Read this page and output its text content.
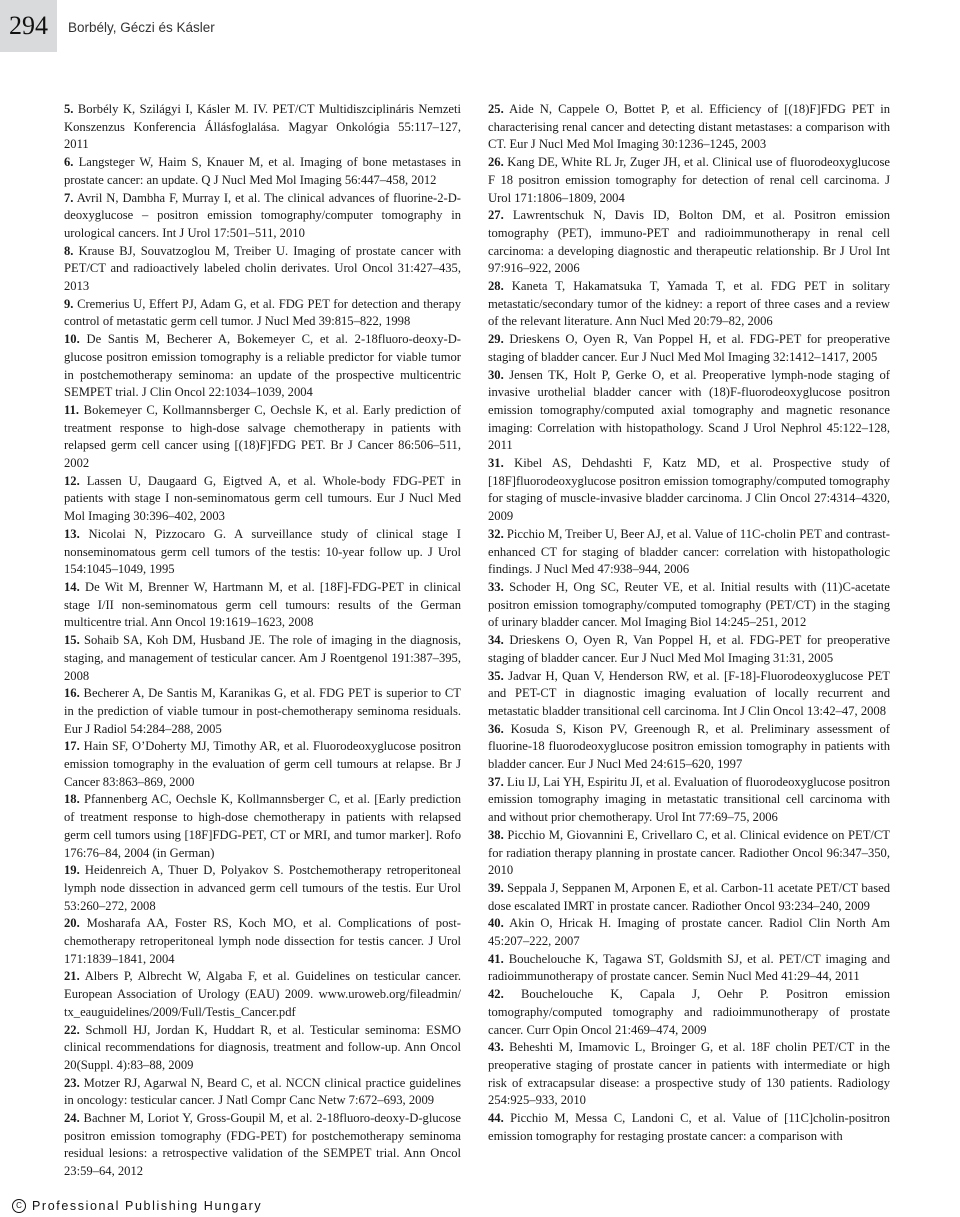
294 Borbély, Géczi és Kásler

5. Borbély K, Szilágyi I, Kásler M. IV. PET/CT Multidiszciplináris Nemzeti Konszenzus Konferencia Állásfoglalása. Magyar Onkológia 55:117–127, 2011

6. Langsteger W, Haim S, Knauer M, et al. Imaging of bone metastases in prostate cancer: an update. Q J Nucl Med Mol Imaging 56:447–458, 2012

7. Avril N, Dambha F, Murray I, et al. The clinical advances of fluorine-2-D-deoxyglucose – positron emission tomography/computer tomography in urological cancers. Int J Urol 17:501–511, 2010

8. Krause BJ, Souvatzoglou M, Treiber U. Imaging of prostate cancer with PET/CT and radioactively labeled cholin derivates. Urol Oncol 31:427–435, 2013

9. Cremerius U, Effert PJ, Adam G, et al. FDG PET for detection and therapy control of metastatic germ cell tumor. J Nucl Med 39:815–822, 1998

10. De Santis M, Becherer A, Bokemeyer C, et al. 2-18fluoro-deoxy-D-glucose positron emission tomography is a reliable predictor for viable tumor in postchemotherapy seminoma: an update of the prospective multicentric SEMPET trial. J Clin Oncol 22:1034–1039, 2004

11. Bokemeyer C, Kollmannsberger C, Oechsle K, et al. Early prediction of treatment response to high-dose salvage chemotherapy in patients with relapsed germ cell cancer using [(18)F]FDG PET. Br J Cancer 86:506–511, 2002

12. Lassen U, Daugaard G, Eigtved A, et al. Whole-body FDG-PET in patients with stage I non-seminomatous germ cell tumours. Eur J Nucl Med Mol Imaging 30:396–402, 2003

13. Nicolai N, Pizzocaro G. A surveillance study of clinical stage I nonseminomatous germ cell tumors of the testis: 10-year follow up. J Urol 154:1045–1049, 1995

14. De Wit M, Brenner W, Hartmann M, et al. [18F]-FDG-PET in clinical stage I/II non-seminomatous germ cell tumours: results of the German multicentre trial. Ann Oncol 19:1619–1623, 2008

15. Sohaib SA, Koh DM, Husband JE. The role of imaging in the diagnosis, staging, and management of testicular cancer. Am J Roentgenol 191:387–395, 2008

16. Becherer A, De Santis M, Karanikas G, et al. FDG PET is superior to CT in the prediction of viable tumour in post-chemotherapy seminoma residuals. Eur J Radiol 54:284–288, 2005

17. Hain SF, O’Doherty MJ, Timothy AR, et al. Fluorodeoxyglucose positron emission tomography in the evaluation of germ cell tumours at relapse. Br J Cancer 83:863–869, 2000

18. Pfannenberg AC, Oechsle K, Kollmannsberger C, et al. [Early prediction of treatment response to high-dose chemotherapy in patients with relapsed germ cell tumors using [18F]FDG-PET, CT or MRI, and tumor marker]. Rofo 176:76–84, 2004 (in German)

19. Heidenreich A, Thuer D, Polyakov S. Postchemotherapy retroperitoneal lymph node dissection in advanced germ cell tumours of the testis. Eur Urol 53:260–272, 2008

20. Mosharafa AA, Foster RS, Koch MO, et al. Complications of post-chemotherapy retroperitoneal lymph node dissection for testis cancer. J Urol 171:1839–1841, 2004

21. Albers P, Albrecht W, Algaba F, et al. Guidelines on testicular cancer. European Association of Urology (EAU) 2009. www.uroweb.org/fileadmin/ tx_eauguidelines/2009/Full/Testis_Cancer.pdf

22. Schmoll HJ, Jordan K, Huddart R, et al. Testicular seminoma: ESMO clinical recommendations for diagnosis, treatment and follow-up. Ann Oncol 20(Suppl. 4):83–88, 2009

23. Motzer RJ, Agarwal N, Beard C, et al. NCCN clinical practice guidelines in oncology: testicular cancer. J Natl Compr Canc Netw 7:672–693, 2009

24. Bachner M, Loriot Y, Gross-Goupil M, et al. 2-18fluoro-deoxy-D-glucose positron emission tomography (FDG-PET) for postchemotherapy seminoma residual lesions: a retrospective validation of the SEMPET trial. Ann Oncol 23:59–64, 2012

25. Aide N, Cappele O, Bottet P, et al. Efficiency of [(18)F]FDG PET in characterising renal cancer and detecting distant metastases: a comparison with CT. Eur J Nucl Med Mol Imaging 30:1236–1245, 2003

26. Kang DE, White RL Jr, Zuger JH, et al. Clinical use of fluorodeoxyglucose F 18 positron emission tomography for detection of renal cell carcinoma. J Urol 171:1806–1809, 2004

27. Lawrentschuk N, Davis ID, Bolton DM, et al. Positron emission tomography (PET), immuno-PET and radioimmunotherapy in renal cell carcinoma: a developing diagnostic and therapeutic relationship. Br J Urol Int 97:916–922, 2006

28. Kaneta T, Hakamatsuka T, Yamada T, et al. FDG PET in solitary metastatic/secondary tumor of the kidney: a report of three cases and a review of the relevant literature. Ann Nucl Med 20:79–82, 2006

29. Drieskens O, Oyen R, Van Poppel H, et al. FDG-PET for preoperative staging of bladder cancer. Eur J Nucl Med Mol Imaging 32:1412–1417, 2005

30. Jensen TK, Holt P, Gerke O, et al. Preoperative lymph-node staging of invasive urothelial bladder cancer with (18)F-fluorodeoxyglucose positron emission tomography/computed axial tomography and magnetic resonance imaging: Correlation with histopathology. Scand J Urol Nephrol 45:122–128, 2011

31. Kibel AS, Dehdashti F, Katz MD, et al. Prospective study of [18F]fluorodeoxyglucose positron emission tomography/computed tomography for staging of muscle-invasive bladder carcinoma. J Clin Oncol 27:4314–4320, 2009

32. Picchio M, Treiber U, Beer AJ, et al. Value of 11C-cholin PET and contrast-enhanced CT for staging of bladder cancer: correlation with histopathologic findings. J Nucl Med 47:938–944, 2006

33. Schoder H, Ong SC, Reuter VE, et al. Initial results with (11)C-acetate positron emission tomography/computed tomography (PET/CT) in the staging of urinary bladder cancer. Mol Imaging Biol 14:245–251, 2012

34. Drieskens O, Oyen R, Van Poppel H, et al. FDG-PET for preoperative staging of bladder cancer. Eur J Nucl Med Mol Imaging 31:31, 2005

35. Jadvar H, Quan V, Henderson RW, et al. [F-18]-Fluorodeoxyglucose PET and PET-CT in diagnostic imaging evaluation of locally recurrent and metastatic bladder transitional cell carcinoma. Int J Clin Oncol 13:42–47, 2008

36. Kosuda S, Kison PV, Greenough R, et al. Preliminary assessment of fluorine-18 fluorodeoxyglucose positron emission tomography in patients with bladder cancer. Eur J Nucl Med 24:615–620, 1997

37. Liu IJ, Lai YH, Espiritu JI, et al. Evaluation of fluorodeoxyglucose positron emission tomography imaging in metastatic transitional cell carcinoma with and without prior chemotherapy. Urol Int 77:69–75, 2006

38. Picchio M, Giovannini E, Crivellaro C, et al. Clinical evidence on PET/CT for radiation therapy planning in prostate cancer. Radiother Oncol 96:347–350, 2010

39. Seppala J, Seppanen M, Arponen E, et al. Carbon-11 acetate PET/CT based dose escalated IMRT in prostate cancer. Radiother Oncol 93:234–240, 2009

40. Akin O, Hricak H. Imaging of prostate cancer. Radiol Clin North Am 45:207–222, 2007

41. Bouchelouche K, Tagawa ST, Goldsmith SJ, et al. PET/CT imaging and radioimmunotherapy of prostate cancer. Semin Nucl Med 41:29–44, 2011

42. Bouchelouche K, Capala J, Oehr P. Positron emission tomography/computed tomography and radioimmunotherapy of prostate cancer. Curr Opin Oncol 21:469–474, 2009

43. Beheshti M, Imamovic L, Broinger G, et al. 18F cholin PET/CT in the preoperative staging of prostate cancer in patients with intermediate or high risk of extracapsular disease: a prospective study of 130 patients. Radiology 254:925–933, 2010

44. Picchio M, Messa C, Landoni C, et al. Value of [11C]cholin-positron emission tomography for restaging prostate cancer: a comparison with

C Professional Publishing Hungary
